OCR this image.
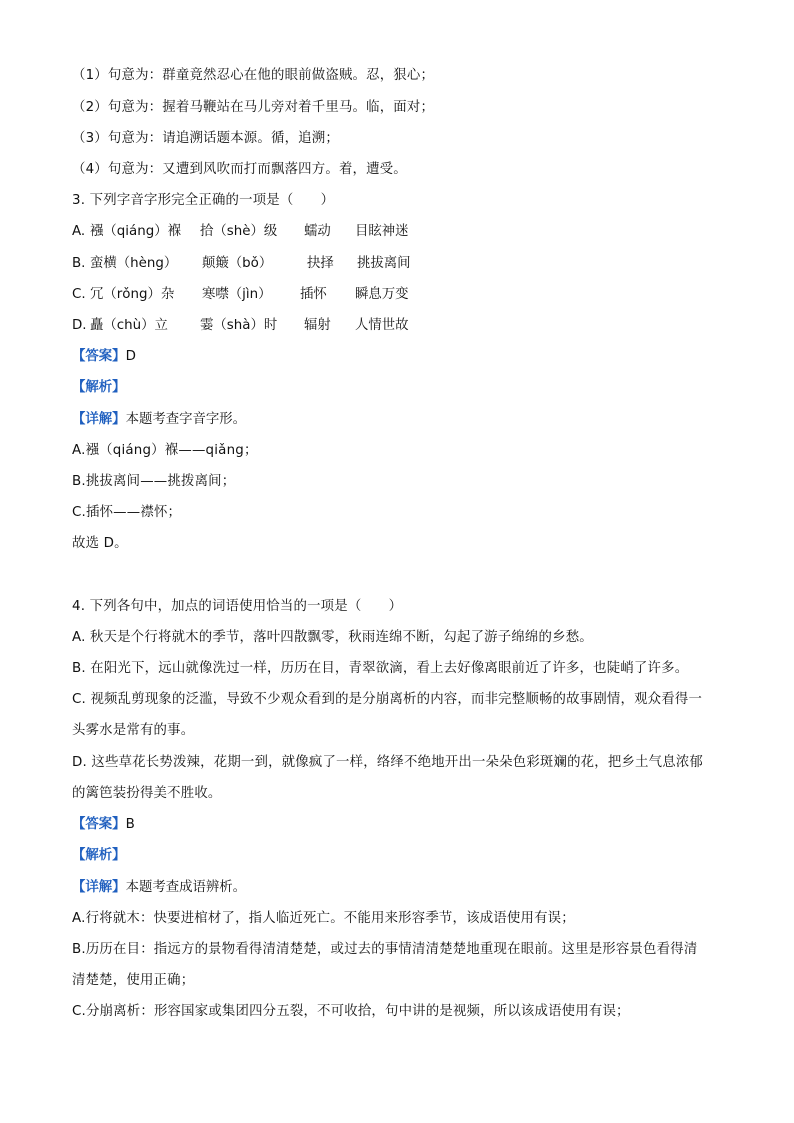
（1）句意为：群童竟然忍心在他的眼前做盗贼。忍，狠心；
（2）句意为：握着马鞭站在马儿旁对着千里马。临，面对；
（3）句意为：请追溯话题本源。循，追溯；
（4）句意为：又遭到风吹而打而飘落四方。着，遭受。
3. 下列字音字形完全正确的一项是（　　）
A. 襁（qiáng）褓 拾（shè）级 蠕动 目眩神迷
B. 蛮横（hèng） 颠簸（bǒ）	抉择 挑拔离间
C. 冗（rǒng）杂 寒噤（jìn） 插怀 瞬息万变
D. 矗（chù）立 霎（shà）时 辐射 人情世故
【答案】D
【解析】
【详解】本题考查字音字形。
A.襁（qiáng）褓——qiǎng；
B.挑拔离间——挑拨离间；
C.插怀——襟怀；
故选 D。
4. 下列各句中，加点的词语使用恰当的一项是（　　）
A. 秋天是个行将就木的季节，落叶四散飘零，秋雨连绵不断，勾起了游子绵绵的乡愁。
B. 在阳光下，远山就像洗过一样，历历在目，青翠欲滴，看上去好像离眼前近了许多，也陡峭了许多。
C. 视频乱剪现象的泛滥，导致不少观众看到的是分崩离析的内容，而非完整顺畅的故事剧情，观众看得一
头雾水是常有的事。
D. 这些草花长势泼辣，花期一到，就像疯了一样，络绎不绝地开出一朵朵色彩斑斓的花，把乡土气息浓郁
的篱笆装扮得美不胜收。
【答案】B
【解析】
【详解】本题考查成语辨析。
A.行将就木：快要进棺材了，指人临近死亡。不能用来形容季节，该成语使用有误；
B.历历在目：指远方的景物看得清清楚楚，或过去的事情清清楚楚地重现在眼前。这里是形容景色看得清
清楚楚，使用正确；
C.分崩离析：形容国家或集团四分五裂，不可收拾，句中讲的是视频，所以该成语使用有误；
